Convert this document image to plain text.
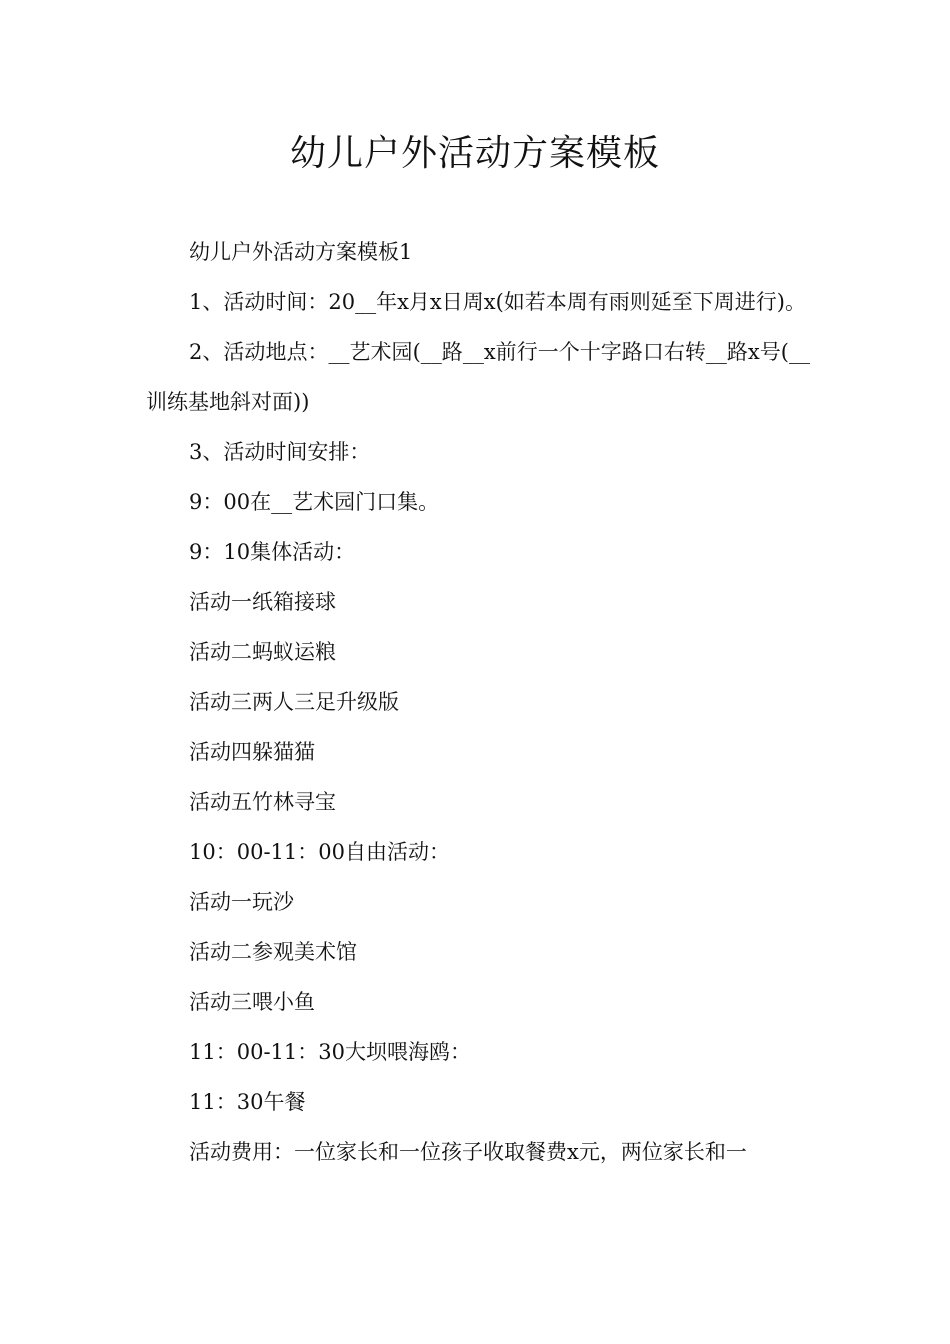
幼儿户外活动方案模板

幼儿户外活动方案模板1

1、活动时间：20__年x月x日周x(如若本周有雨则延至下周进行)。

2、活动地点：__艺术园(__路__x前行一个十字路口右转__路x号(__训练基地斜对面))

3、活动时间安排：

9：00在__艺术园门口集。

9：10集体活动：

活动一纸箱接球

活动二蚂蚁运粮

活动三两人三足升级版

活动四躲猫猫

活动五竹林寻宝

10：00-11：00自由活动：

活动一玩沙

活动二参观美术馆

活动三喂小鱼

11：00-11：30大坝喂海鸥：

11：30午餐

活动费用：一位家长和一位孩子收取餐费x元，两位家长和一
